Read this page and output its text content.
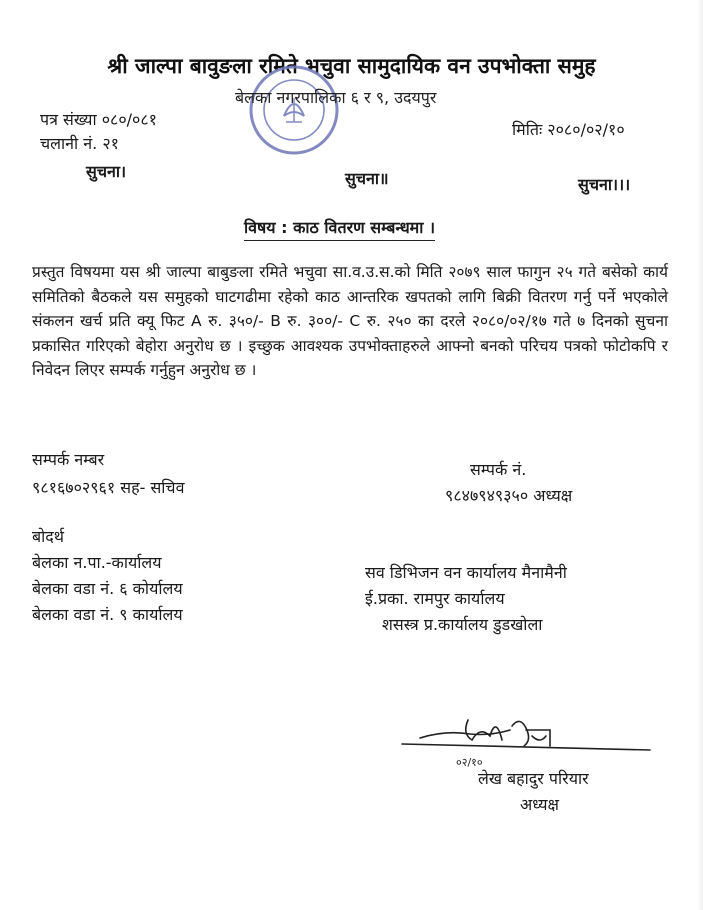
श्री जाल्पा बावुङला रमिते भचुवा सामुदायिक वन उपभोक्ता समुह
बेलका नगरपालिका ६ र ९, उदयपुर
पत्र संख्या ०८०/०८१
चलानी नं. २१
मितिः २०८०/०२/१०
सुचना।	सुचना॥	सुचना।।।
विषय : काठ वितरण सम्बन्धमा ।
प्रस्तुत विषयमा यस श्री जाल्पा बाबुङला रमिते भचुवा सा.व.उ.स.को मिति २०७९ साल फागुन २५ गते बसेको कार्य समितिको बैठकले यस समुहको घाटगढीमा रहेको काठ आन्तरिक खपतको लागि बिक्री वितरण गर्नु पर्ने भएकोले संकलन खर्च प्रति क्यू फिट A रु. ३५०/- B रु. ३००/- C रु. २५० का दरले २०८०/०२/१७ गते ७ दिनको सुचना प्रकासित गरिएको बेहोरा अनुरोध छ । इच्छुक आवश्यक उपभोक्ताहरुले आफ्नो बनको परिचय पत्रको फोटोकपि र निवेदन लिएर सम्पर्क गर्नुहुन अनुरोध छ ।
सम्पर्क नम्बर
९८१६७०२९६१ सह- सचिव
सम्पर्क नं.
९८४७९४९३५० अध्यक्ष
बोदर्थ
बेलका न.पा.-कार्यालय
बेलका वडा नं. ६ कोर्यालय
बेलका वडा नं. ९ कार्यालय
सव डिभिजन वन कार्यालय मैनामैनी
ई.प्रका. रामपुर कार्यालय
शसस्त्र प्र.कार्यालय डुडखोला
०२/१०
लेख बहादुर परियार
अध्यक्ष
